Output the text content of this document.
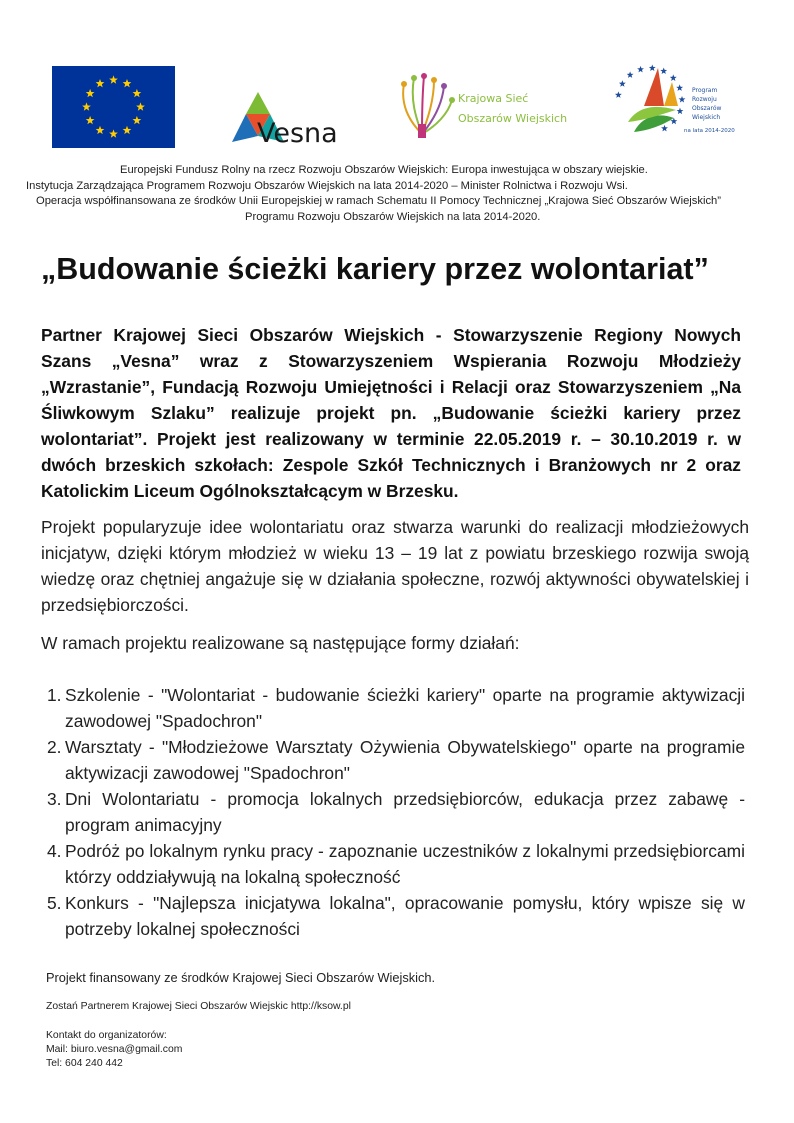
Vesna
Krajowa Sieć
Obszarów Wiejskich
Program
Rozwoju
Obszarów
Wiejskich
na lata 2014-2020
Europejski Fundusz Rolny na rzecz Rozwoju Obszarów Wiejskich: Europa inwestująca w obszary wiejskie.
Instytucja Zarządzająca Programem Rozwoju Obszarów Wiejskich na lata 2014-2020 – Minister Rolnictwa i Rozwoju Wsi.
Operacja współfinansowana ze środków Unii Europejskiej w ramach Schematu II Pomocy Technicznej „Krajowa Sieć Obszarów Wiejskich”
Programu Rozwoju Obszarów Wiejskich na lata 2014-2020.
„Budowanie ścieżki kariery przez wolontariat”

Partner Krajowej Sieci Obszarów Wiejskich - Stowarzyszenie Regiony Nowych Szans „Vesna” wraz z Stowarzyszeniem Wspierania Rozwoju Młodzieży „Wzrastanie”, Fundacją Rozwoju Umiejętności i Relacji oraz Stowarzyszeniem „Na Śliwkowym Szlaku” realizuje projekt pn. „Budowanie ścieżki kariery przez wolontariat”. Projekt jest realizowany w terminie 22.05.2019 r. – 30.10.2019 r. w dwóch brzeskich szkołach: Zespole Szkół Technicznych i Branżowych nr 2 oraz Katolickim Liceum Ogólnokształcącym w Brzesku.

Projekt popularyzuje idee wolontariatu oraz stwarza warunki do realizacji młodzieżowych inicjatyw, dzięki którym młodzież w wieku 13 – 19 lat z powiatu brzeskiego rozwija swoją wiedzę oraz chętniej angażuje się w działania społeczne, rozwój aktywności obywatelskiej i przedsiębiorczości.

W ramach projektu realizowane są następujące formy działań:

1. Szkolenie - "Wolontariat - budowanie ścieżki kariery" oparte na programie aktywizacji zawodowej "Spadochron"
2. Warsztaty - "Młodzieżowe Warsztaty Ożywienia Obywatelskiego" oparte na programie aktywizacji zawodowej "Spadochron"
3. Dni Wolontariatu - promocja lokalnych przedsiębiorców, edukacja przez zabawę - program animacyjny
4. Podróż po lokalnym rynku pracy - zapoznanie uczestników z lokalnymi przedsiębiorcami którzy oddziaływują na lokalną społeczność
5. Konkurs - "Najlepsza inicjatywa lokalna", opracowanie pomysłu, który wpisze się w potrzeby lokalnej społeczności
Projekt finansowany ze środków Krajowej Sieci Obszarów Wiejskich.
Zostań Partnerem Krajowej Sieci Obszarów Wiejskic http://ksow.pl
Kontakt do organizatorów:
Mail: biuro.vesna@gmail.com
Tel: 604 240 442
